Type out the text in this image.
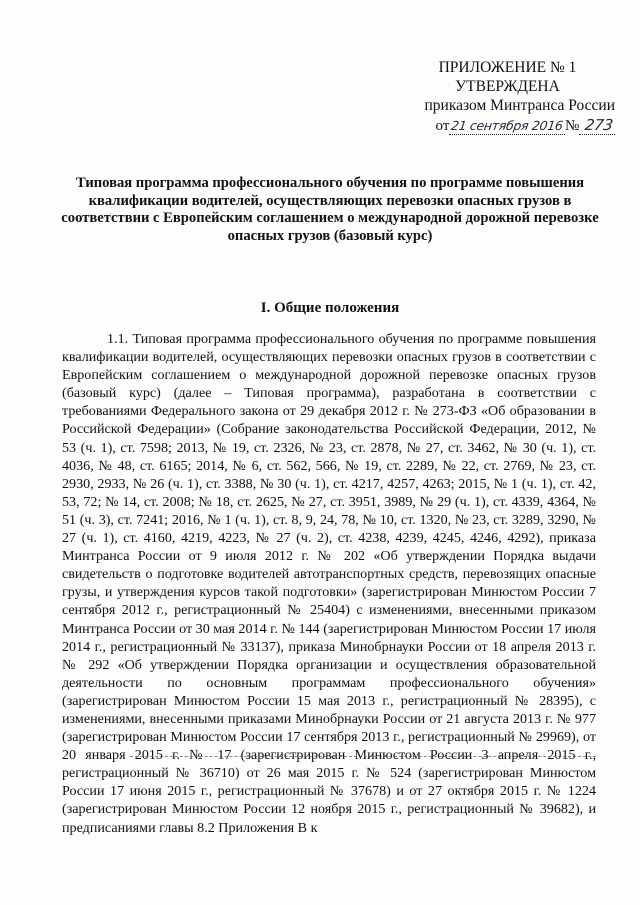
ПРИЛОЖЕНИЕ № 1
УТВЕРЖДЕНА
приказом Минтранса России
от21 сентября 2016№ 273
Типовая программа профессионального обучения по программе повышения квалификации водителей, осуществляющих перевозки опасных грузов в соответствии с Европейским соглашением о международной дорожной перевозке опасных грузов (базовый курс)
I. Общие положения
1.1. Типовая программа профессионального обучения по программе повышения квалификации водителей, осуществляющих перевозки опасных грузов в соответствии с Европейским соглашением о международной дорожной перевозке опасных грузов (базовый курс) (далее – Типовая программа), разработана в соответствии с требованиями Федерального закона от 29 декабря 2012 г. № 273-ФЗ «Об образовании в Российской Федерации» (Собрание законодательства Российской Федерации, 2012, № 53 (ч. 1), ст. 7598; 2013, № 19, ст. 2326, № 23, ст. 2878, № 27, ст. 3462, № 30 (ч. 1), ст. 4036, № 48, ст. 6165; 2014, № 6, ст. 562, 566, № 19, ст. 2289, № 22, ст. 2769, № 23, ст. 2930, 2933, № 26 (ч. 1), ст. 3388, № 30 (ч. 1), ст. 4217, 4257, 4263; 2015, № 1 (ч. 1), ст. 42, 53, 72; № 14, ст. 2008; № 18, ст. 2625, № 27, ст. 3951, 3989, № 29 (ч. 1), ст. 4339, 4364, № 51 (ч. 3), ст. 7241; 2016, № 1 (ч. 1), ст. 8, 9, 24, 78, № 10, ст. 1320, № 23, ст. 3289, 3290, № 27 (ч. 1), ст. 4160, 4219, 4223, № 27 (ч. 2), ст. 4238, 4239, 4245, 4246, 4292), приказа Минтранса России от 9 июля 2012 г. № 202 «Об утверждении Порядка выдачи свидетельств о подготовке водителей автотранспортных средств, перевозящих опасные грузы, и утверждения курсов такой подготовки» (зарегистрирован Минюстом России 7 сентября 2012 г., регистрационный № 25404) с изменениями, внесенными приказом Минтранса России от 30 мая 2014 г. № 144 (зарегистрирован Минюстом России 17 июля 2014 г., регистрационный № 33137), приказа Минобрнауки России от 18 апреля 2013 г. № 292 «Об утверждении Порядка организации и осуществления образовательной деятельности по основным программам профессионального обучения» (зарегистрирован Минюстом России 15 мая 2013 г., регистрационный № 28395), с изменениями, внесенными приказами Минобрнауки России от 21 августа 2013 г. № 977 (зарегистрирован Минюстом России 17 сентября 2013 г., регистрационный № 29969), от 20 января 2015 г. № 17 (зарегистрирован Минюстом России 3 апреля 2015 г., регистрационный № 36710) от 26 мая 2015 г. № 524 (зарегистрирован Минюстом России 17 июня 2015 г., регистрационный № 37678) и от 27 октября 2015 г. № 1224 (зарегистрирован Минюстом России 12 ноября 2015 г., регистрационный № 39682), и предписаниями главы 8.2 Приложения В к
